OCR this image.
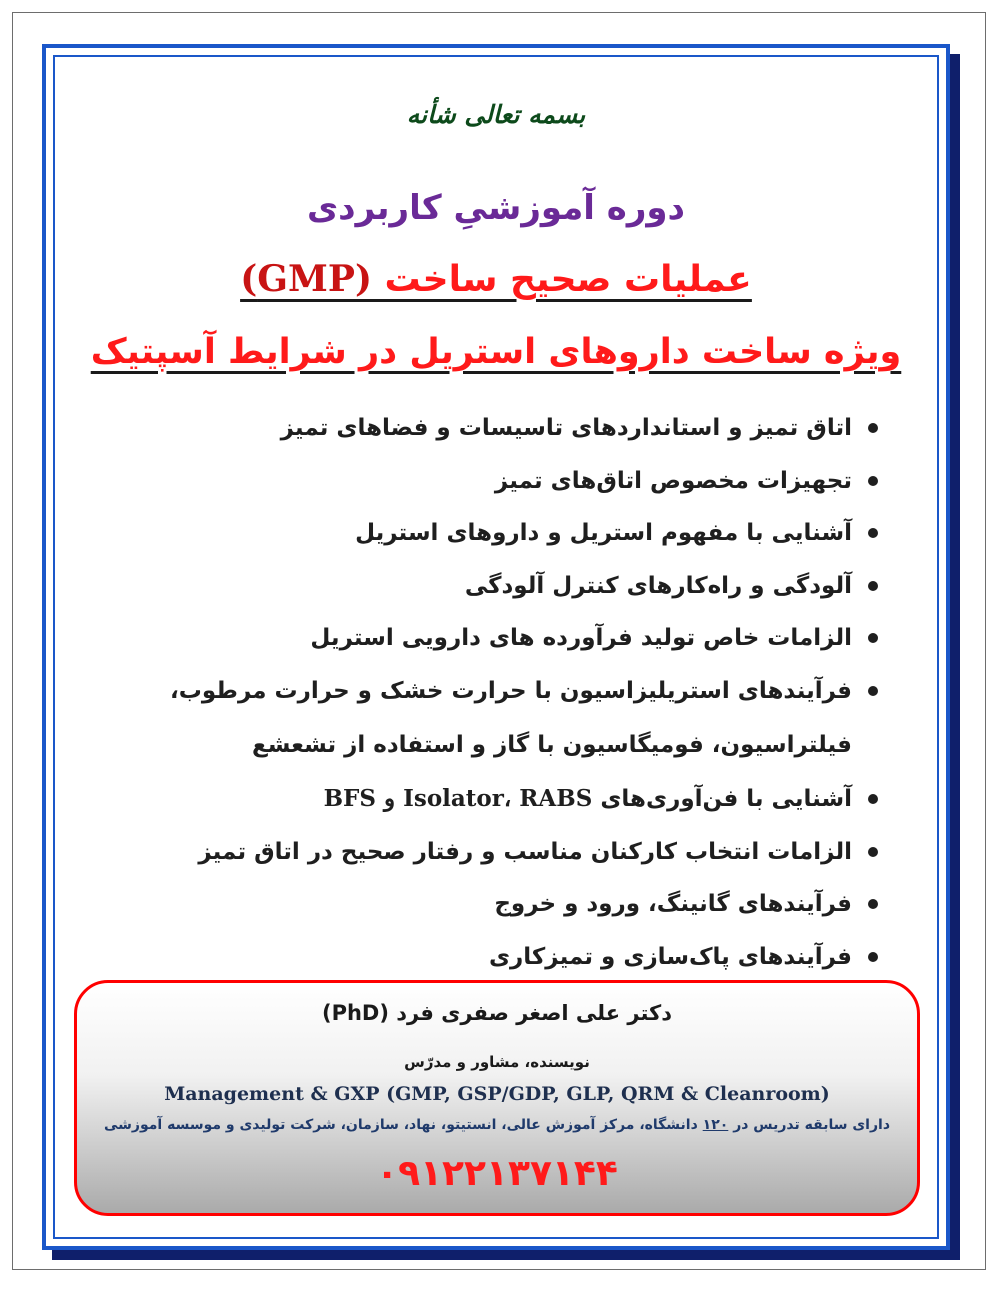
بسمه تعالی شأنه
دوره آموزشیِ کاربردی
عملیات صحیح ساخت (GMP)
ویژه ساخت داروهای استریل در شرایط آسپتیک
اتاق تمیز و استانداردهای تاسیسات و فضاهای تمیز
تجهیزات مخصوص اتاق‌های تمیز
آشنایی با مفهوم استریل و داروهای استریل
آلودگی و راه‌کارهای کنترل آلودگی
الزامات خاص تولید فرآورده های دارویی استریل
فرآیندهای استریلیزاسیون با حرارت خشک و حرارت مرطوب،
فیلتراسیون، فومیگاسیون با گاز و استفاده از تشعشع
آشنایی با فن‌آوری‌های Isolator، RABS و BFS
الزامات انتخاب کارکنان مناسب و رفتار صحیح در اتاق تمیز
فرآیندهای گانینگ، ورود و خروج
فرآیندهای پاک‌سازی و تمیزکاری
دکتر علی اصغر صفری فرد (PhD)
نویسنده، مشاور و مدرّس
Management & GXP (GMP, GSP/GDP, GLP, QRM & Cleanroom)
دارای سابقه تدریس در ۱۲۰ دانشگاه، مرکز آموزش عالی، انستیتو، نهاد، سازمان، شرکت تولیدی و موسسه آموزشی
۰۹۱۲۲۱۳۷۱۴۴
